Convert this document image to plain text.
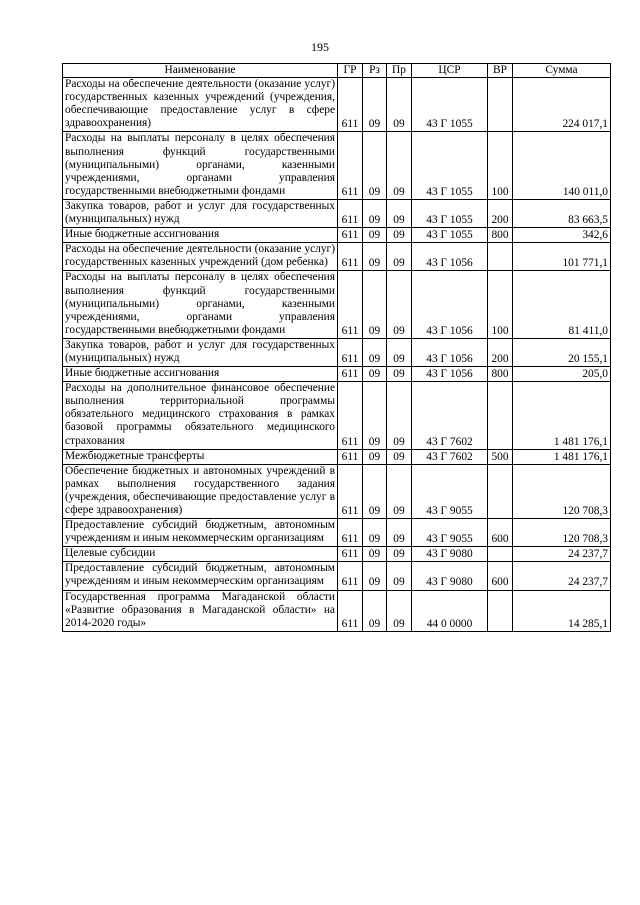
195
Наименование	ГР	Рз	Пр	ЦСР	ВР	Сумма
Расходы на обеспечение деятельности (оказание услуг) государственных казенных учреждений (учреждения, обеспечивающие предоставление услуг в сфере здравоохранения)	611	09	09	43 Г 1055		224 017,1
Расходы на выплаты персоналу в целях обеспечения выполнения функций государственными (муниципальными) органами, казенными учреждениями, органами управления государственными внебюджетными фондами	611	09	09	43 Г 1055	100	140 011,0
Закупка товаров, работ и услуг для государственных (муниципальных) нужд	611	09	09	43 Г 1055	200	83 663,5
Иные бюджетные ассигнования	611	09	09	43 Г 1055	800	342,6
Расходы на обеспечение деятельности (оказание услуг) государственных казенных учреждений (дом ребенка)	611	09	09	43 Г 1056		101 771,1
Расходы на выплаты персоналу в целях обеспечения выполнения функций государственными (муниципальными) органами, казенными учреждениями, органами управления государственными внебюджетными фондами	611	09	09	43 Г 1056	100	81 411,0
Закупка товаров, работ и услуг для государственных (муниципальных) нужд	611	09	09	43 Г 1056	200	20 155,1
Иные бюджетные ассигнования	611	09	09	43 Г 1056	800	205,0
Расходы на дополнительное финансовое обеспечение выполнения территориальной программы обязательного медицинского страхования в рамках базовой программы обязательного медицинского страхования	611	09	09	43 Г 7602		1 481 176,1
Межбюджетные трансферты	611	09	09	43 Г 7602	500	1 481 176,1
Обеспечение бюджетных и автономных учреждений в рамках выполнения государственного задания (учреждения, обеспечивающие предоставление услуг в сфере здравоохранения)	611	09	09	43 Г 9055		120 708,3
Предоставление субсидий бюджетным, автономным учреждениям и иным некоммерческим организациям	611	09	09	43 Г 9055	600	120 708,3
Целевые субсидии	611	09	09	43 Г 9080		24 237,7
Предоставление субсидий бюджетным, автономным учреждениям и иным некоммерческим организациям	611	09	09	43 Г 9080	600	24 237,7
Государственная программа Магаданской области «Развитие образования в Магаданской области» на 2014-2020 годы»	611	09	09	44 0 0000		14 285,1
